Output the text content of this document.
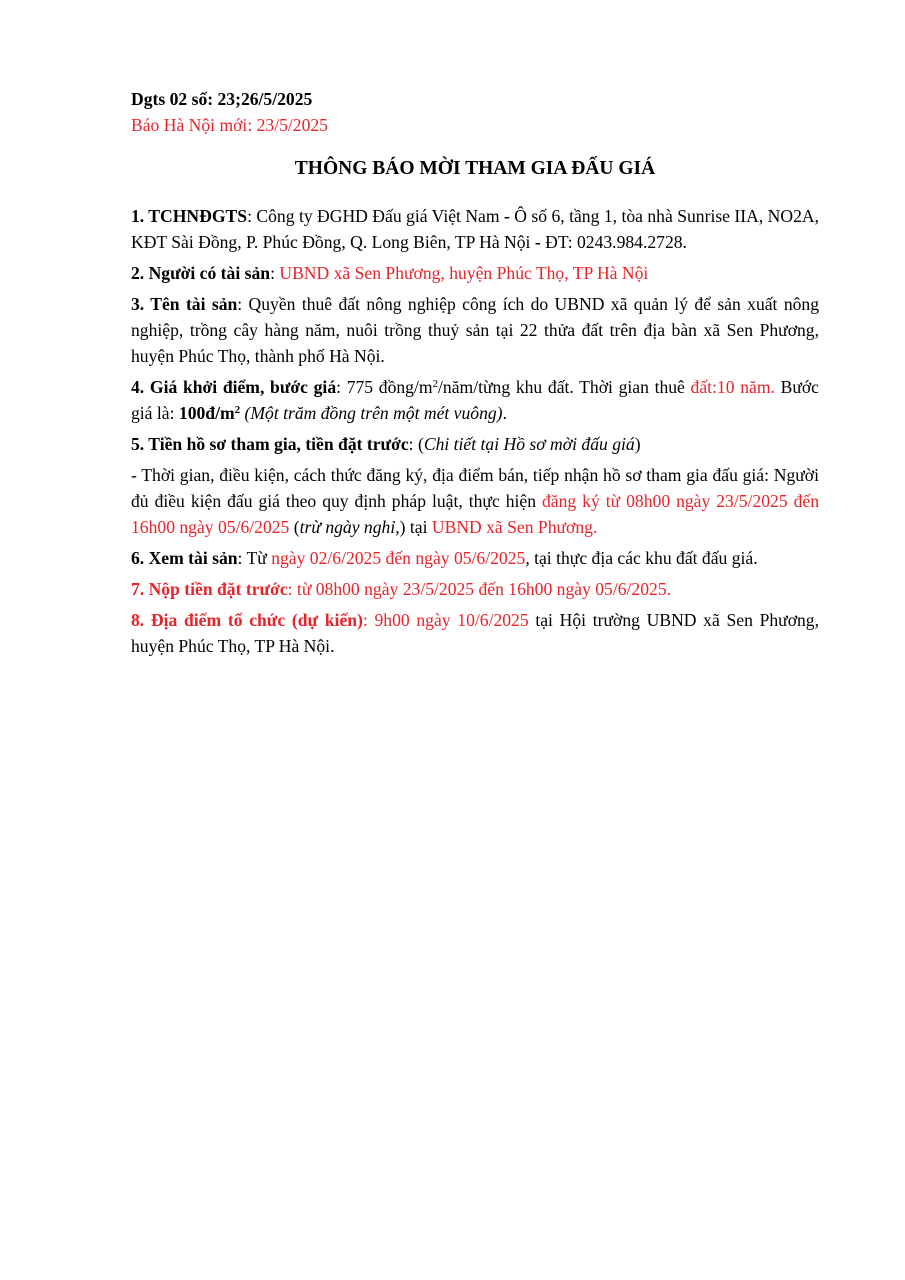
Dgts 02 số: 23;26/5/2025

Báo Hà Nội mới: 23/5/2025

THÔNG BÁO MỜI THAM GIA ĐẤU GIÁ

1. TCHNĐGTS: Công ty ĐGHD Đấu giá Việt Nam - Ô số 6, tầng 1, tòa nhà Sunrise IIA, NO2A, KĐT Sài Đồng, P. Phúc Đồng, Q. Long Biên, TP Hà Nội - ĐT: 0243.984.2728.

2. Người có tài sản: UBND xã Sen Phương, huyện Phúc Thọ, TP Hà Nội

3. Tên tài sản: Quyền thuê đất nông nghiệp công ích do UBND xã quản lý để sản xuất nông nghiệp, trồng cây hàng năm, nuôi trồng thuỷ sản tại 22 thửa đất trên địa bàn xã Sen Phương, huyện Phúc Thọ, thành phố Hà Nội.

4. Giá khởi điểm, bước giá: 775 đồng/$m^2/năm$/từng khu đất. Thời gian thuê đất:10 năm. Bước giá là: $100đ/m^2$ (Một trăm đồng trên một mét vuông).

5. Tiền hồ sơ tham gia, tiền đặt trước: (Chi tiết tại Hồ sơ mời đấu giá)

- Thời gian, điều kiện, cách thức đăng ký, địa điểm bán, tiếp nhận hồ sơ tham gia đấu giá: Người đủ điều kiện đấu giá theo quy định pháp luật, thực hiện đăng ký từ 08h00 ngày 23/5/2025 đến 16h00 ngày 05/6/2025 (trừ ngày nghỉ,) tại UBND xã Sen Phương.

6. Xem tài sản: Từ ngày 02/6/2025 đến ngày 05/6/2025, tại thực địa các khu đất đấu giá.

7. Nộp tiền đặt trước: từ 08h00 ngày 23/5/2025 đến 16h00 ngày 05/6/2025.

8. Địa điểm tổ chức (dự kiến): 9h00 ngày 10/6/2025 tại Hội trường UBND xã Sen Phương, huyện Phúc Thọ, TP Hà Nội.
